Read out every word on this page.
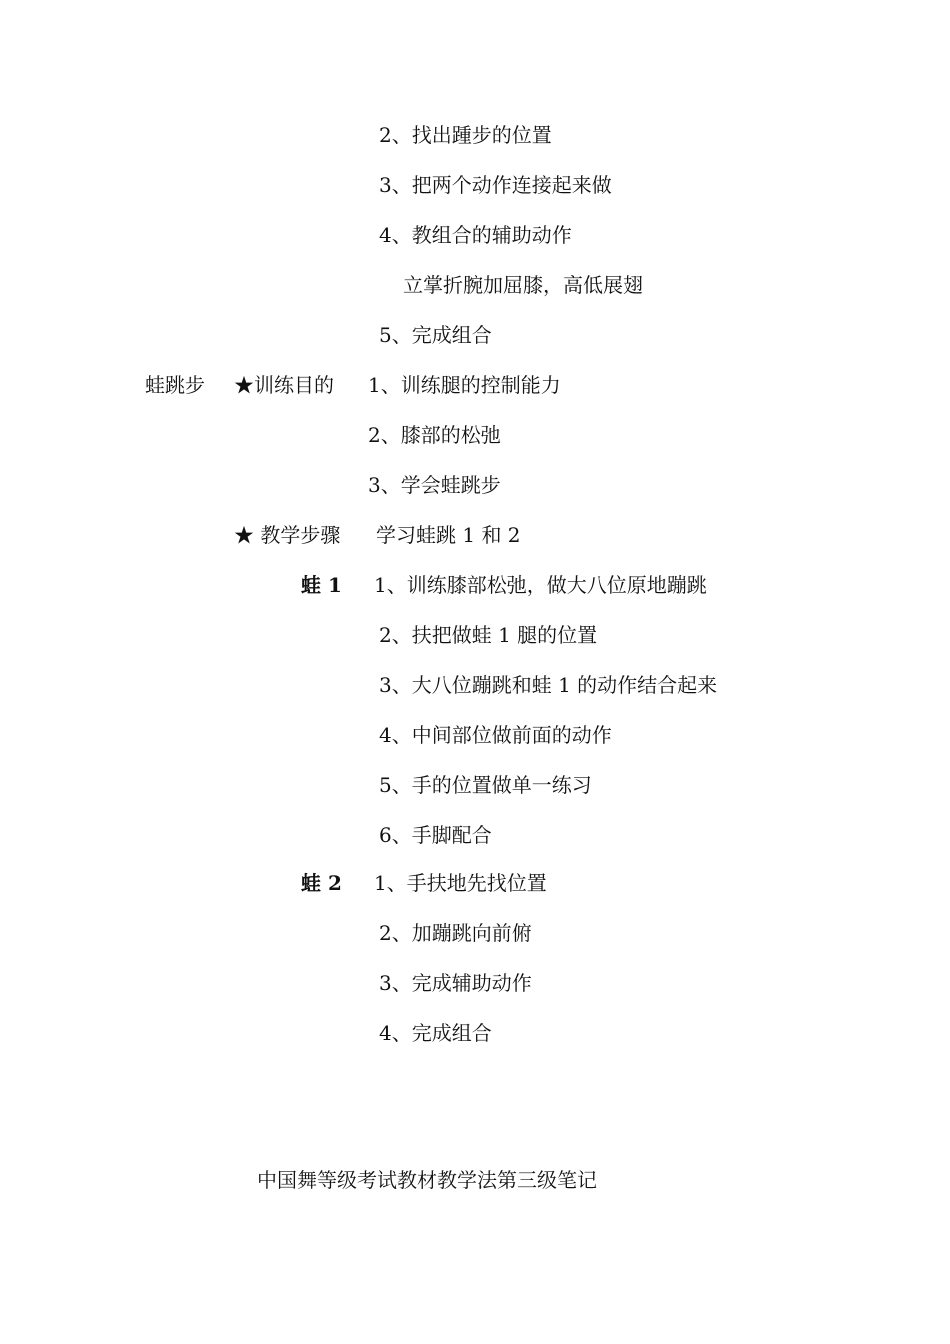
2、找出踵步的位置
3、把两个动作连接起来做
4、教组合的辅助动作
立掌折腕加屈膝，高低展翅
5、完成组合
蛙跳步 ★训练目的 1、训练腿的控制能力
2、膝部的松弛
3、学会蛙跳步
★ 教学步骤 学习蛙跳 1 和 2
蛙 1 1、训练膝部松弛，做大八位原地蹦跳
2、扶把做蛙 1 腿的位置
3、大八位蹦跳和蛙 1 的动作结合起来
4、中间部位做前面的动作
5、手的位置做单一练习
6、手脚配合
蛙 2 1、手扶地先找位置
2、加蹦跳向前俯
3、完成辅助动作
4、完成组合
中国舞等级考试教材教学法第三级笔记
